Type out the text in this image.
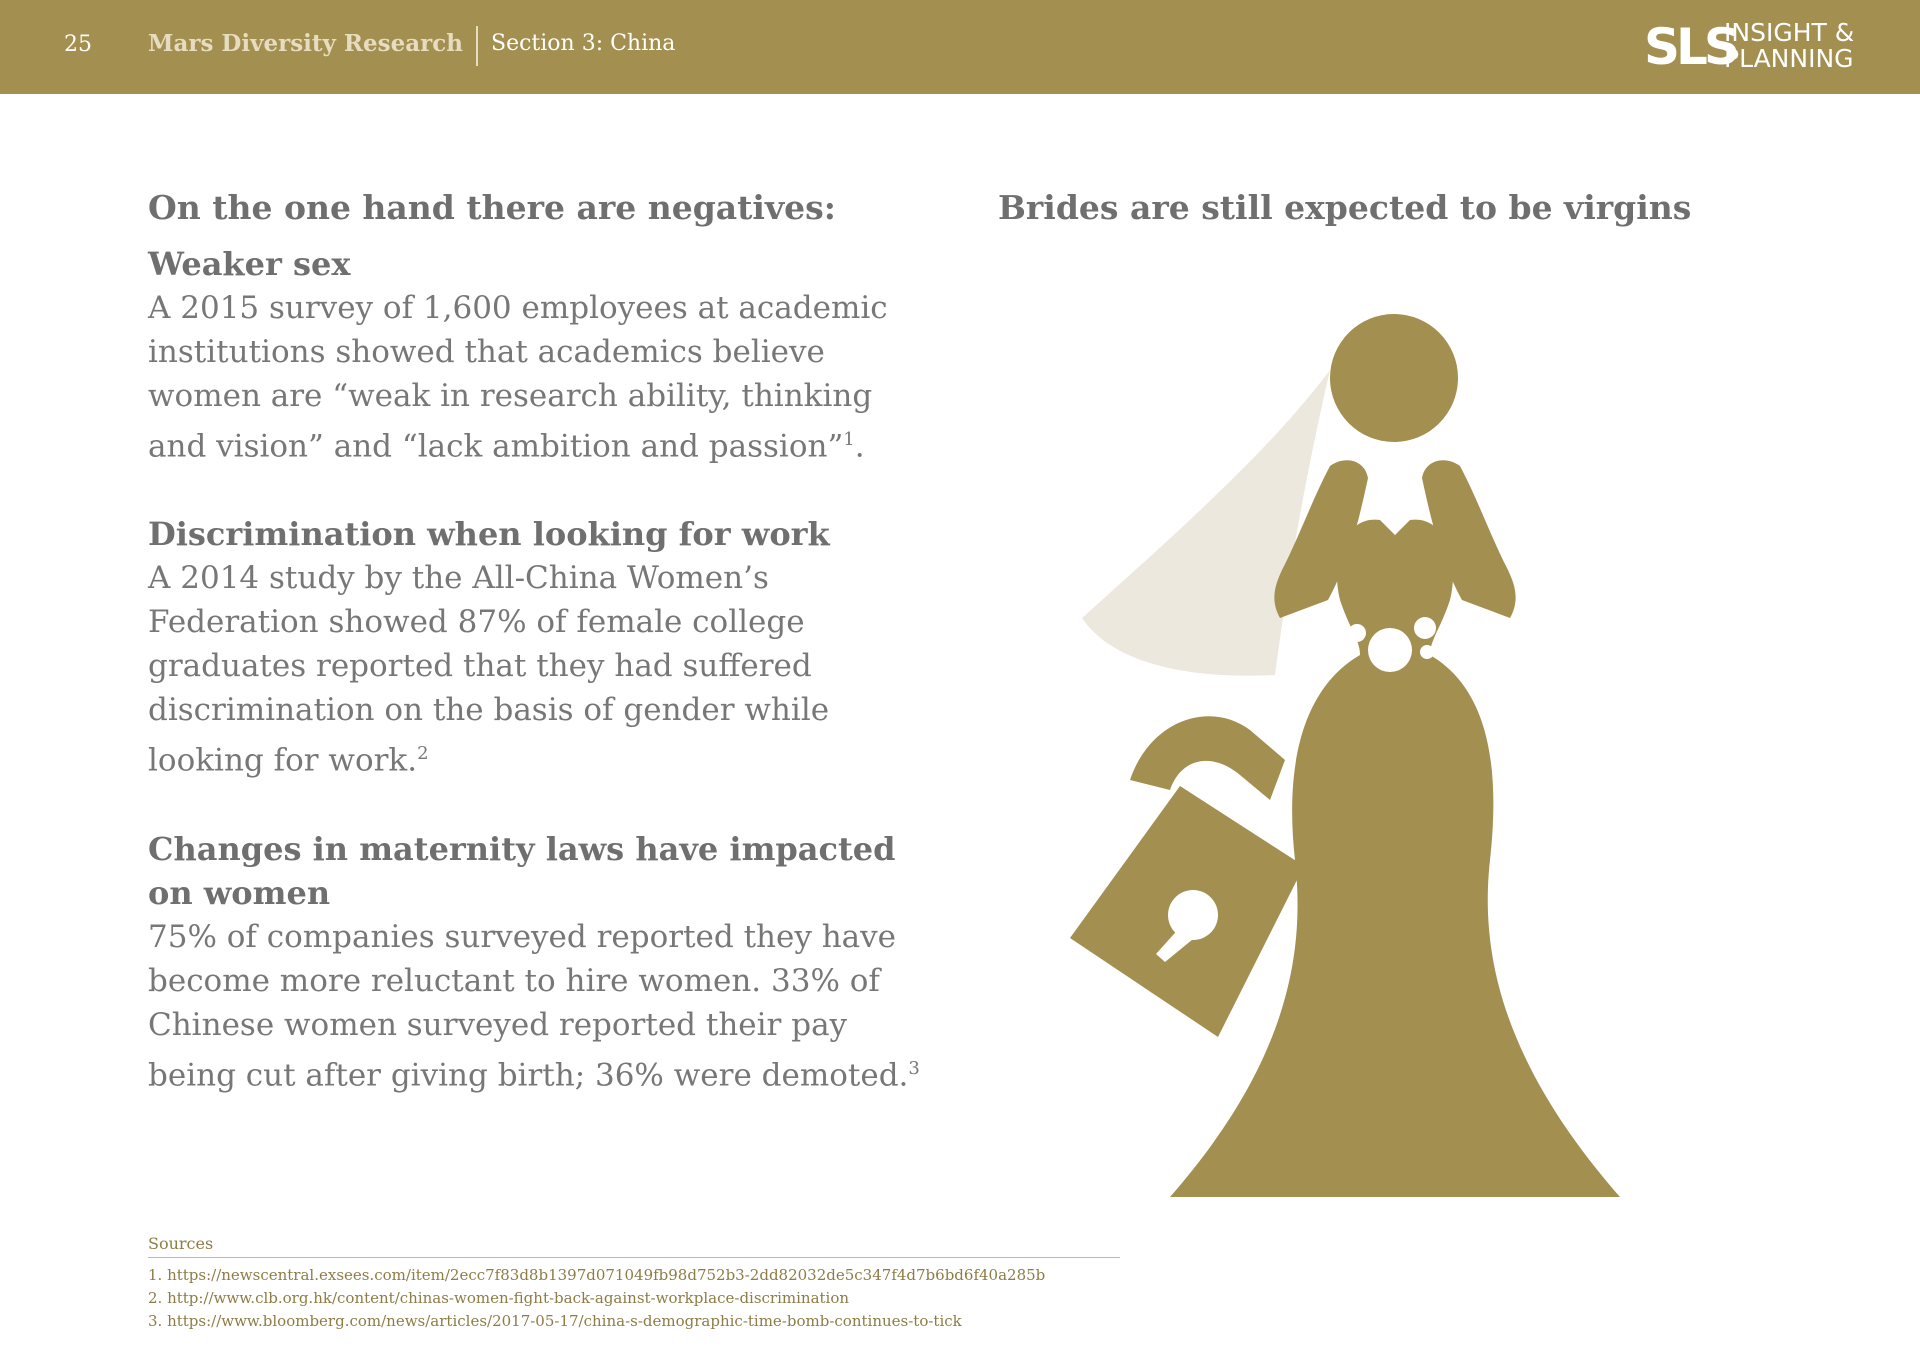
25 Mars Diversity Research Section 3: China	SLS
INSIGHT &
PLANNING
On the one hand there are negatives:
Weaker sex

A 2015 survey of 1,600 employees at academic institutions showed that academics believe women are “weak in research ability, thinking and vision” and “lack ambition and passion”$^1$.

Discrimination when looking for work

A 2014 study by the All-China Women’s Federation showed 87% of female college graduates reported that they had suffered discrimination on the basis of gender while looking for work.$^2$

Changes in maternity laws have impacted on women

75% of companies surveyed reported they have become more reluctant to hire women. 33% of Chinese women surveyed reported their pay being cut after giving birth; 36% were demoted.$^3$

Brides are still expected to be virgins
Sources
1. https://newscentral.exsees.com/item/2ecc7f83d8b1397d071049fb98d752b3-2dd82032de5c347f4d7b6bd6f40a285b
2. http://www.clb.org.hk/content/chinas-women-fight-back-against-workplace-discrimination
3. https://www.bloomberg.com/news/articles/2017-05-17/china-s-demographic-time-bomb-continues-to-tick
